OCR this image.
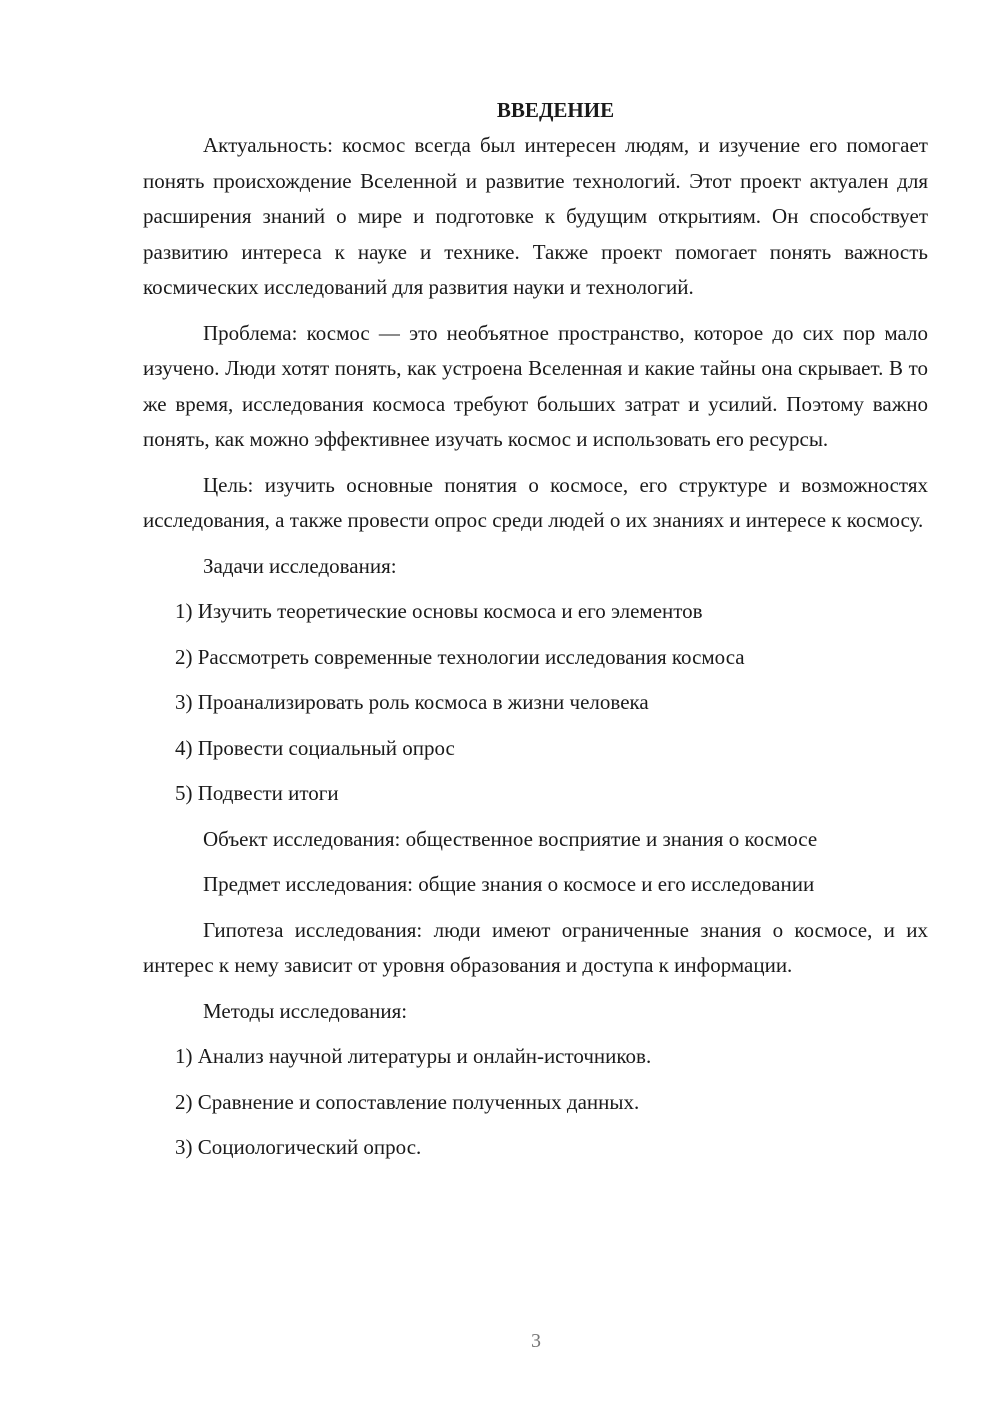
ВВЕДЕНИЕ

Актуальность: космос всегда был интересен людям, и изучение его помогает понять происхождение Вселенной и развитие технологий. Этот проект актуален для расширения знаний о мире и подготовке к будущим открытиям. Он способствует развитию интереса к науке и технике. Также проект помогает понять важность космических исследований для развития науки и технологий.

Проблема: космос — это необъятное пространство, которое до сих пор мало изучено. Люди хотят понять, как устроена Вселенная и какие тайны она скрывает. В то же время, исследования космоса требуют больших затрат и усилий. Поэтому важно понять, как можно эффективнее изучать космос и использовать его ресурсы.

Цель: изучить основные понятия о космосе, его структуре и возможностях исследования, а также провести опрос среди людей о их знаниях и интересе к космосу.

Задачи исследования:
1) Изучить теоретические основы космоса и его элементов
2) Рассмотреть современные технологии исследования космоса
3) Проанализировать роль космоса в жизни человека
4) Провести социальный опрос
5) Подвести итоги
Объект исследования: общественное восприятие и знания о космосе
Предмет исследования: общие знания о космосе и его исследовании

Гипотеза исследования: люди имеют ограниченные знания о космосе, и их интерес к нему зависит от уровня образования и доступа к информации.

Методы исследования:
1) Анализ научной литературы и онлайн-источников.
2) Сравнение и сопоставление полученных данных.
3) Социологический опрос.
3
